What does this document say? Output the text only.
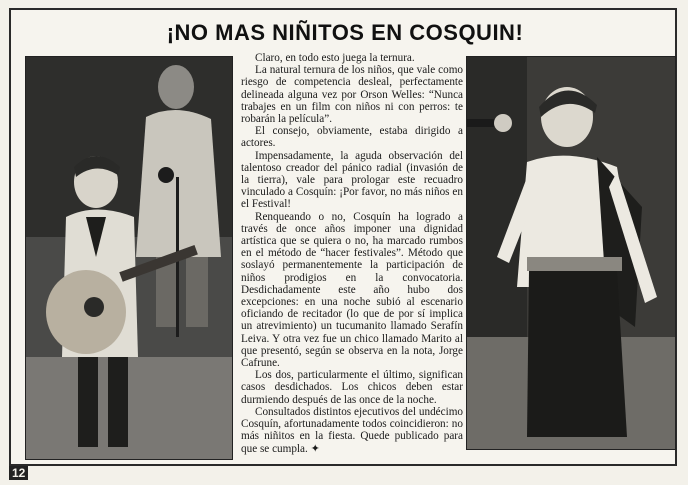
¡NO MAS NIÑITOS EN COSQUIN!

Claro, en todo esto juega la ternura.

La natural ternura de los niños, que vale como riesgo de competencia desleal, perfectamente delineada alguna vez por Orson Welles: “Nunca trabajes en un film con niños ni con perros: te robarán la película”.

El consejo, obviamente, estaba dirigido a actores.

Impensadamente, la aguda observación del talentoso creador del pánico radial (invasión de la tierra), vale para prologar este recuadro vinculado a Cosquín: ¡Por favor, no más niños en el Festival!

Renqueando o no, Cosquín ha logrado a través de once años imponer una dignidad artística que se quiera o no, ha marcado rumbos en el método de “hacer festivales”. Método que soslayó permanentemente la participación de niños prodigios en la convocatoria. Desdichadamente este año hubo dos excepciones: en una noche subió al escenario oficiando de recitador (lo que de por sí implica un atrevimiento) un tucumanito llamado Serafín Leiva. Y otra vez fue un chico llamado Marito al que presentó, según se observa en la nota, Jorge Cafrune.

Los dos, particularmente el último, significan casos desdichados. Los chicos deben estar durmiendo después de las once de la noche.

Consultados distintos ejecutivos del undécimo Cosquín, afortunadamente todos coincidieron: no más niñitos en la fiesta. Quede publicado para que se cumpla. ✦

12
